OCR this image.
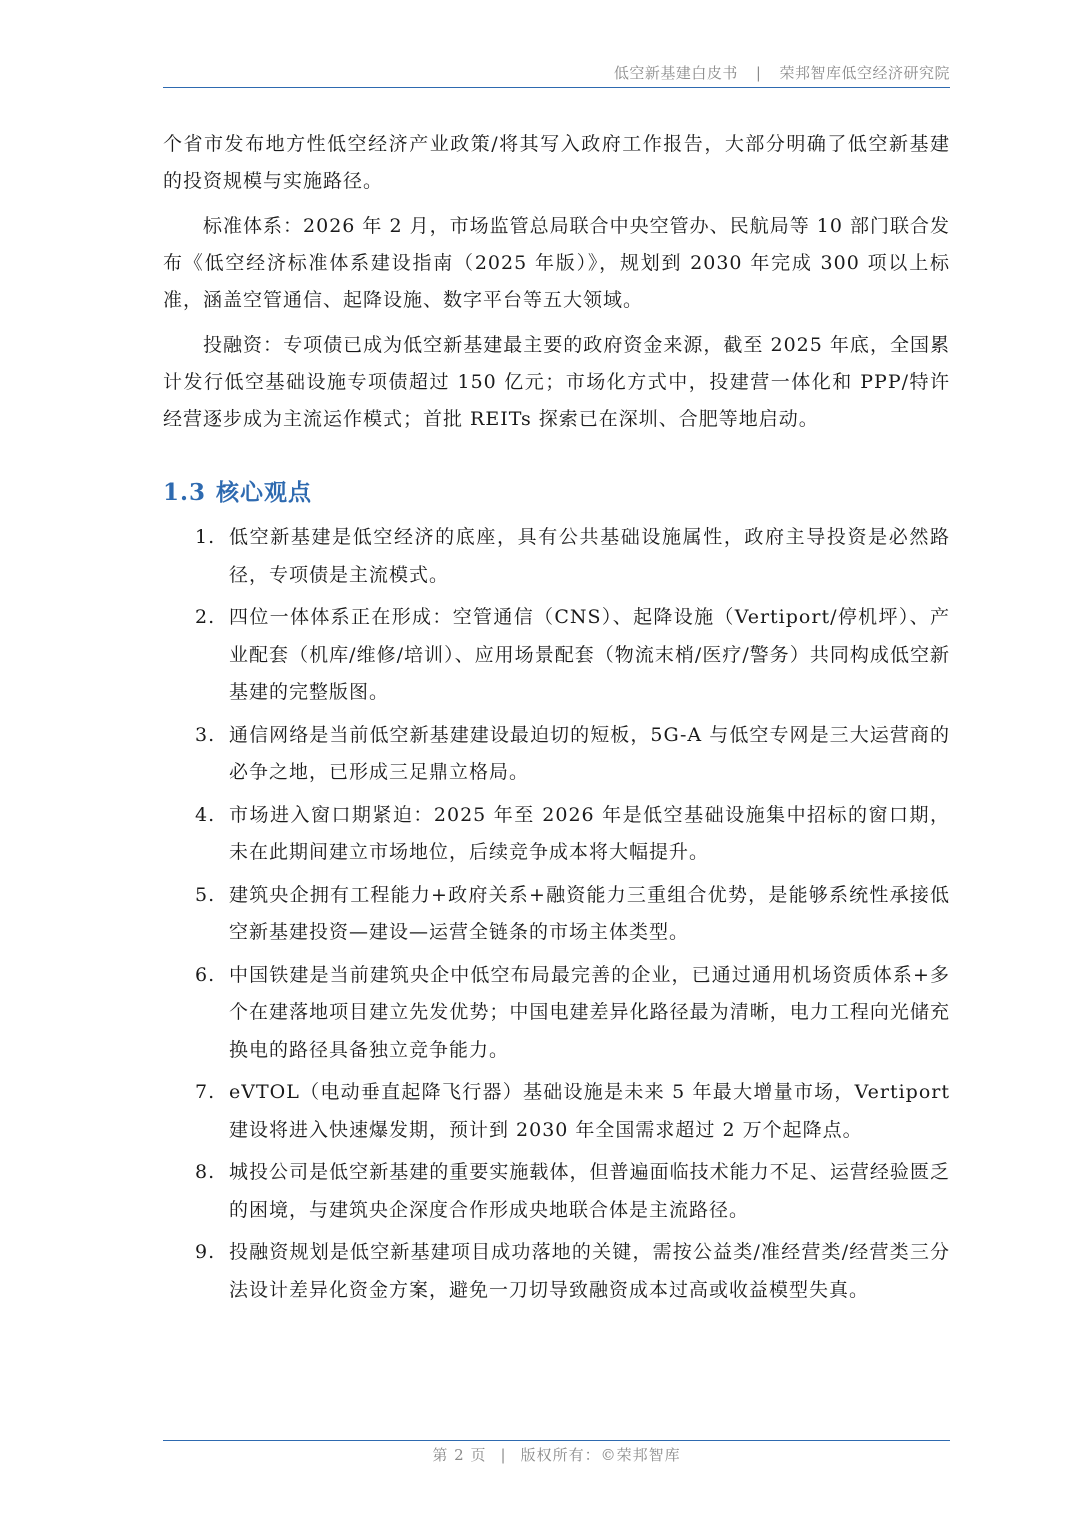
低空新基建白皮书 | 荣邦智库低空经济研究院

个省市发布地方性低空经济产业政策/将其写入政府工作报告，大部分明确了低空新基建的投资规模与实施路径。

标准体系：2026 年 2 月，市场监管总局联合中央空管办、民航局等 10 部门联合发布《低空经济标准体系建设指南（2025 年版）》，规划到 2030 年完成 300 项以上标准，涵盖空管通信、起降设施、数字平台等五大领域。

投融资：专项债已成为低空新基建最主要的政府资金来源，截至 2025 年底，全国累计发行低空基础设施专项债超过 150 亿元；市场化方式中，投建营一体化和 PPP/特许经营逐步成为主流运作模式；首批 REITs 探索已在深圳、合肥等地启动。

1.3 核心观点
1. 低空新基建是低空经济的底座，具有公共基础设施属性，政府主导投资是必然路径，专项债是主流模式。
2. 四位一体体系正在形成：空管通信（CNS）、起降设施（Vertiport/停机坪）、产业配套（机库/维修/培训）、应用场景配套（物流末梢/医疗/警务）共同构成低空新基建的完整版图。
3. 通信网络是当前低空新基建建设最迫切的短板，5G-A 与低空专网是三大运营商的必争之地，已形成三足鼎立格局。
4. 市场进入窗口期紧迫：2025 年至 2026 年是低空基础设施集中招标的窗口期，未在此期间建立市场地位，后续竞争成本将大幅提升。
5. 建筑央企拥有工程能力+政府关系+融资能力三重组合优势，是能够系统性承接低空新基建投资—建设—运营全链条的市场主体类型。
6. 中国铁建是当前建筑央企中低空布局最完善的企业，已通过通用机场资质体系+多个在建落地项目建立先发优势；中国电建差异化路径最为清晰，电力工程向光储充换电的路径具备独立竞争能力。
7. eVTOL（电动垂直起降飞行器）基础设施是未来 5 年最大增量市场，Vertiport 建设将进入快速爆发期，预计到 2030 年全国需求超过 2 万个起降点。
8. 城投公司是低空新基建的重要实施载体，但普遍面临技术能力不足、运营经验匮乏的困境，与建筑央企深度合作形成央地联合体是主流路径。
9. 投融资规划是低空新基建项目成功落地的关键，需按公益类/准经营类/经营类三分法设计差异化资金方案，避免一刀切导致融资成本过高或收益模型失真。
第 2 页 | 版权所有：©荣邦智库
